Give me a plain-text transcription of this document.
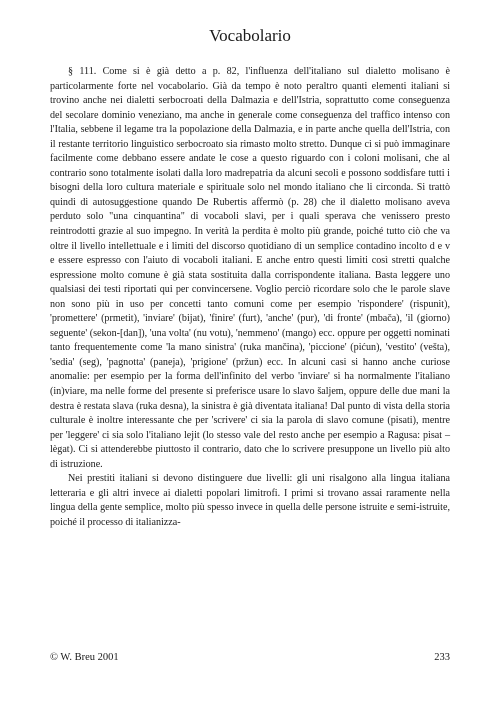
Vocabolario

§ 111. Come si è già detto a p. 82, l'influenza dell'italiano sul dialetto molisano è particolarmente forte nel vocabolario. Già da tempo è noto peraltro quanti elementi italiani si trovino anche nei dialetti serbocroati della Dalmazia e dell'Istria, soprattutto come conseguenza del secolare dominio veneziano, ma anche in generale come conseguenza del traffico intenso con l'Italia, sebbene il legame tra la popolazione della Dalmazia, e in parte anche quella dell'Istria, con il restante territorio linguistico serbocroato sia rimasto molto stretto. Dunque ci si può immaginare facilmente come debbano essere andate le cose a questo riguardo con i coloni molisani, che al contrario sono totalmente isolati dalla loro madrepatria da alcuni secoli e possono soddisfare tutti i bisogni della loro cultura materiale e spirituale solo nel mondo italiano che li circonda. Si trattò quindi di autosuggestione quando De Rubertis affermò (p. 28) che il dialetto molisano aveva perduto solo "una cinquantina" di vocaboli slavi, per i quali sperava che venissero presto reintrodotti grazie al suo impegno. In verità la perdita è molto più grande, poiché tutto ciò che va oltre il livello intellettuale e i limiti del discorso quotidiano di un semplice contadino incolto d e v e essere espresso con l'aiuto di vocaboli italiani. E anche entro questi limiti così stretti qualche espressione molto comune è già stata sostituita dalla corrispondente italiana. Basta leggere uno qualsiasi dei testi riportati qui per convincersene. Voglio perciò ricordare solo che le parole slave non sono più in uso per concetti tanto comuni come per esempio 'rispondere' (rispunit), 'promettere' (prmetit), 'inviare' (bijat), 'finire' (furt), 'anche' (pur), 'di fronte' (mbača), 'il (giorno) seguente' (sekon-[dan]), 'una volta' (nu votu), 'nemmeno' (mango) ecc. oppure per oggetti nominati tanto frequentemente come 'la mano sinistra' (ruka mančina), 'piccione' (pićun), 'vestito' (vešta), 'sedia' (seg), 'pagnotta' (paneja), 'prigione' (pržun) ecc. In alcuni casi si hanno anche curiose anomalie: per esempio per la forma dell'infinito del verbo 'inviare' si ha normalmente l'italiano (in)viare, ma nelle forme del presente si preferisce usare lo slavo šaljem, oppure delle due mani la destra è restata slava (ruka desna), la sinistra è già diventata italiana! Dal punto di vista della storia culturale è inoltre interessante che per 'scrivere' ci sia la parola di slavo comune (pisati), mentre per 'leggere' ci sia solo l'italiano lejit (lo stesso vale del resto anche per esempio a Ragusa: pisat – lègat). Ci si attenderebbe piuttosto il contrario, dato che lo scrivere presuppone un livello più alto di istruzione.

Nei prestiti italiani si devono distinguere due livelli: gli uni risalgono alla lingua italiana letteraria e gli altri invece ai dialetti popolari limitrofi. I primi si trovano assai raramente nella lingua della gente semplice, molto più spesso invece in quella delle persone istruite e semi-istruite, poiché il processo di italianizza-

© W. Breu 2001	233
